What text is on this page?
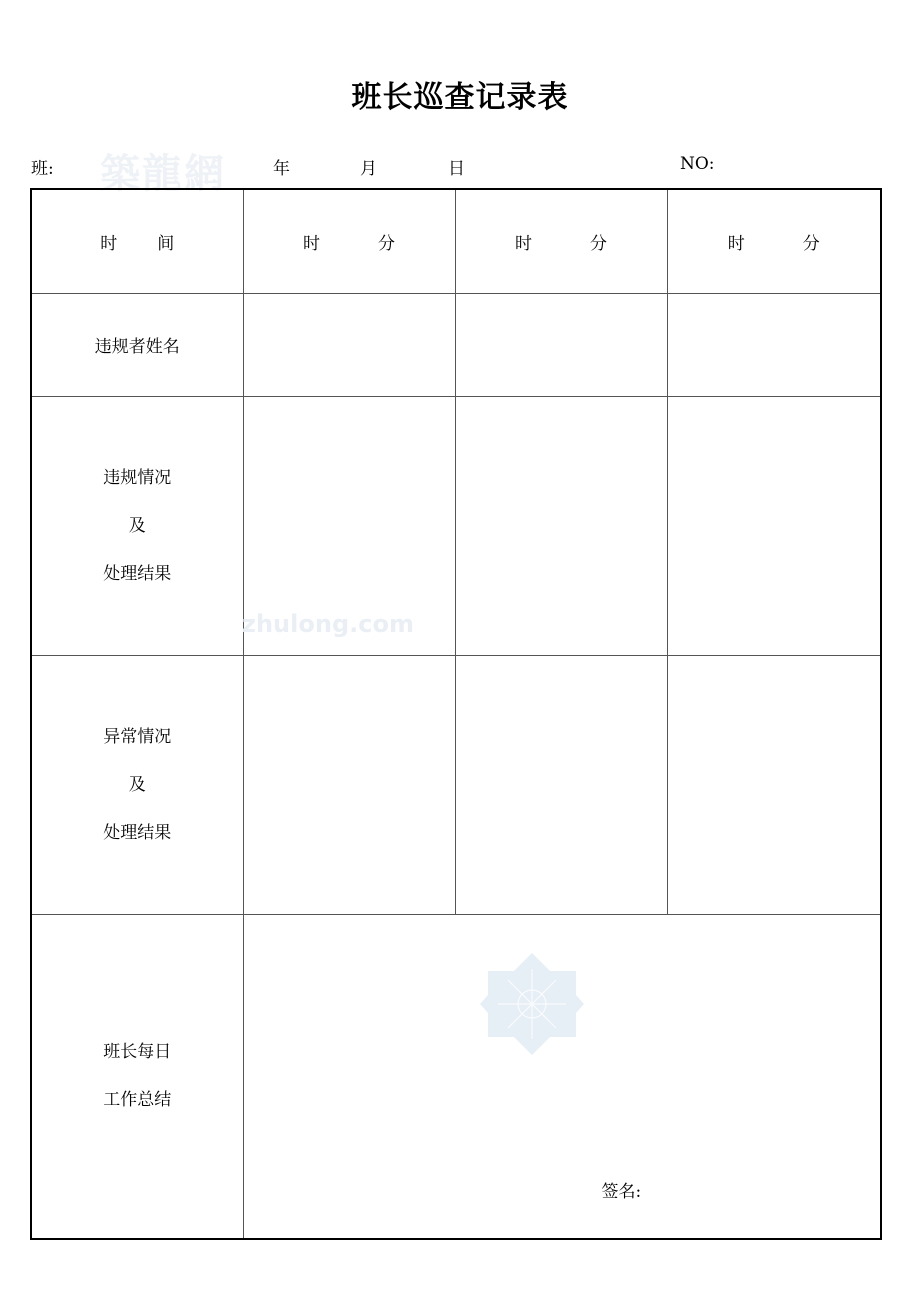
班长巡查记录表
築龍網
班:	年	月	日	NO:
时 间	时 分	时 分	时 分
违规者姓名			

违规情况
及
处理结果			

异常情况
及
处理结果			

班长每日
工作总结	签名:		
zhulong.com
